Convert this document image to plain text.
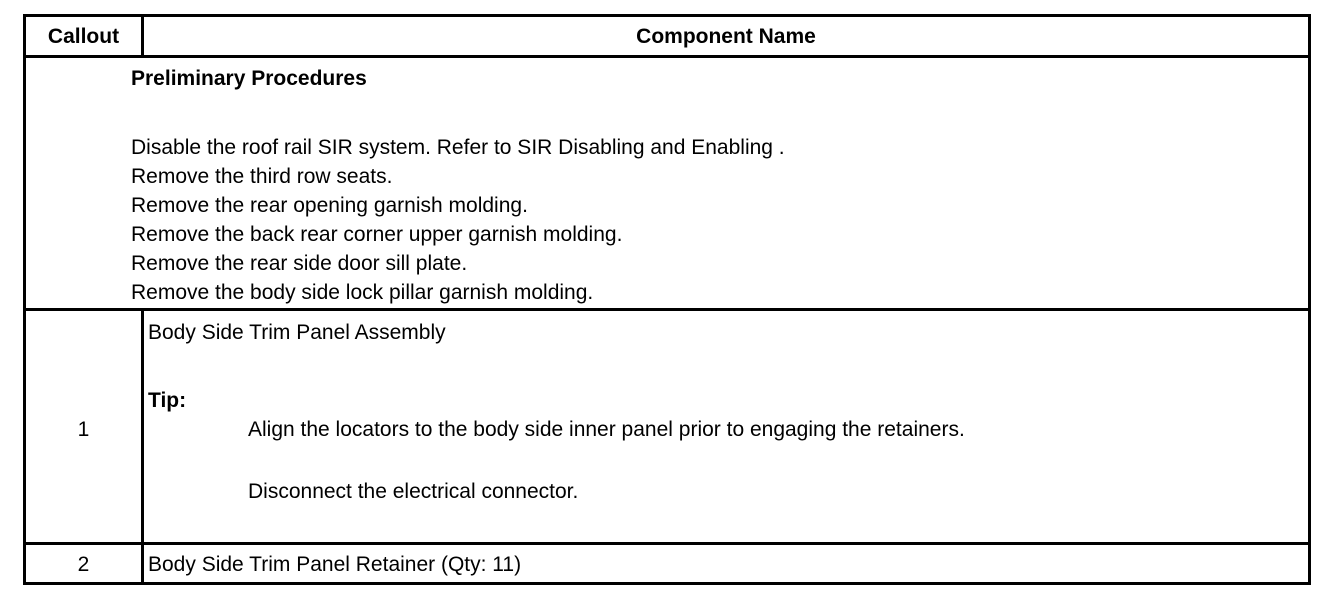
Callout	Component Name
Preliminary Procedures
Disable the roof rail SIR system. Refer to SIR Disabling and Enabling .
Remove the third row seats.
Remove the rear opening garnish molding.
Remove the back rear corner upper garnish molding.
Remove the rear side door sill plate.
Remove the body side lock pillar garnish molding.
1
Body Side Trim Panel Assembly
Tip:
Align the locators to the body side inner panel prior to engaging the retainers.
Disconnect the electrical connector.
2	Body Side Trim Panel Retainer (Qty: 11)
